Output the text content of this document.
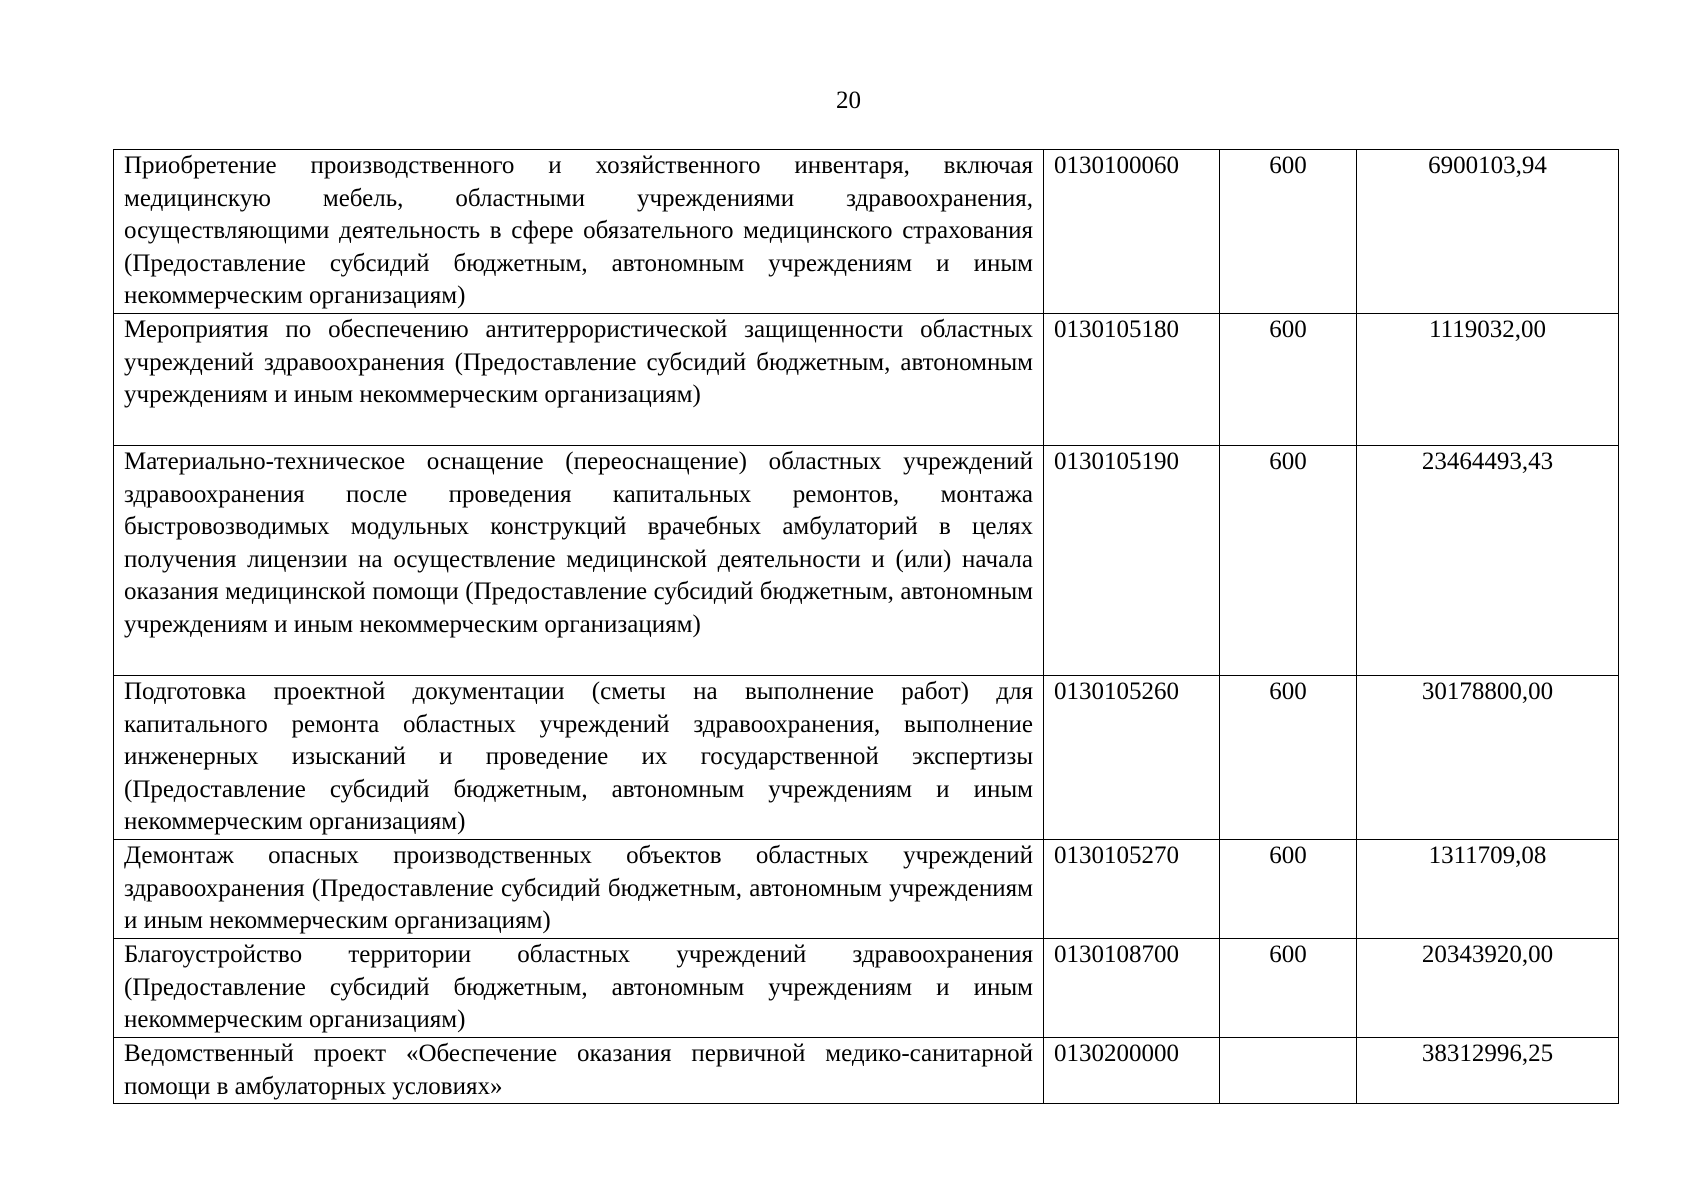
20
Приобретение производственного и хозяйственного инвентаря, включая медицинскую мебель, областными учреждениями здравоохранения, осуществляющими деятельность в сфере обязательного медицинского страхования (Предоставление субсидий бюджетным, автономным учреждениям и иным некоммерческим организациям)	0130100060	600	6900103,94
Мероприятия по обеспечению антитеррористической защищенности областных учреждений здравоохранения (Предоставление субсидий бюджетным, автономным учреждениям и иным некоммерческим организациям)	0130105180	600	1119032,00
Материально-техническое оснащение (переоснащение) областных учреждений здравоохранения после проведения капитальных ремонтов, монтажа быстровозводимых модульных конструкций врачебных амбулаторий в целях получения лицензии на осуществление медицинской деятельности и (или) начала оказания медицинской помощи (Предоставление субсидий бюджетным, автономным учреждениям и иным некоммерческим организациям)	0130105190	600	23464493,43
Подготовка проектной документации (сметы на выполнение работ) для капитального ремонта областных учреждений здравоохранения, выполнение инженерных изысканий и проведение их государственной экспертизы (Предоставление субсидий бюджетным, автономным учреждениям и иным некоммерческим организациям)	0130105260	600	30178800,00
Демонтаж опасных производственных объектов областных учреждений здравоохранения (Предоставление субсидий бюджетным, автономным учреждениям и иным некоммерческим организациям)	0130105270	600	1311709,08
Благоустройство территории областных учреждений здравоохранения (Предоставление субсидий бюджетным, автономным учреждениям и иным некоммерческим организациям)	0130108700	600	20343920,00
Ведомственный проект «Обеспечение оказания первичной медико-санитарной помощи в амбулаторных условиях»	0130200000		38312996,25
